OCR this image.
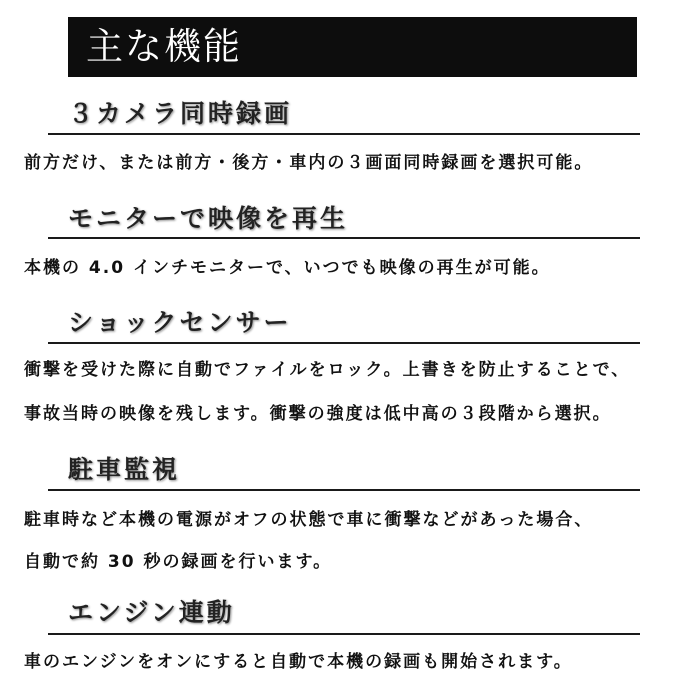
主な機能
３カメラ同時録画
前方だけ、または前方・後方・車内の３画面同時録画を選択可能。
モニターで映像を再生
本機の 4.0 インチモニターで、いつでも映像の再生が可能。
ショックセンサー
衝撃を受けた際に自動でファイルをロック。上書きを防止することで、
事故当時の映像を残します。衝撃の強度は低中高の３段階から選択。
駐車監視
駐車時など本機の電源がオフの状態で車に衝撃などがあった場合、
自動で約 30 秒の録画を行います。
エンジン連動
車のエンジンをオンにすると自動で本機の録画も開始されます。
